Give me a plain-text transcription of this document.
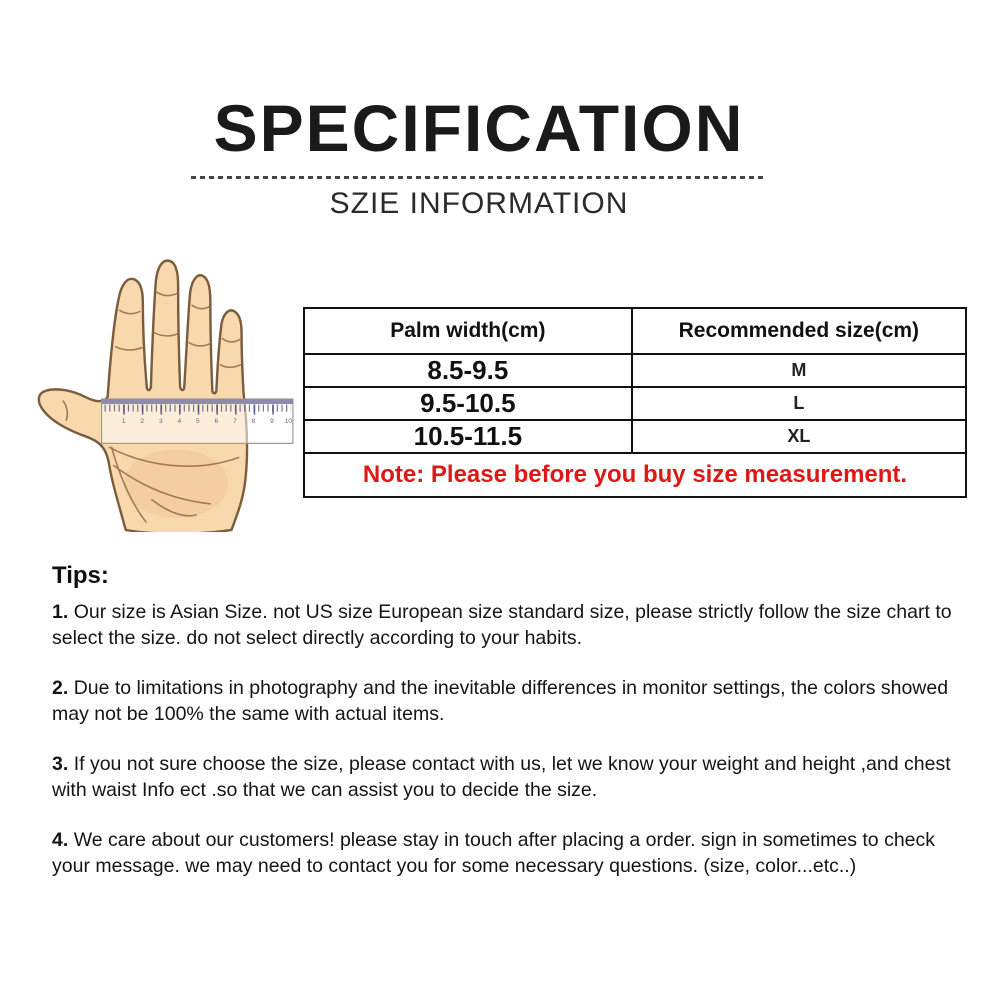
SPECIFICATION
SZIE INFORMATION
1 2 3 4 5 6 7 8 9 10
Palm width(cm)	Recommended size(cm)
8.5-9.5	M
9.5-10.5	L
10.5-11.5	XL
Note: Please before you buy size measurement.	
Tips:

1. Our size is Asian Size. not US size European size standard size, please strictly follow the size chart to select the size. do not select directly according to your habits.

2. Due to limitations in photography and the inevitable differences in monitor settings, the colors showed may not be 100% the same with actual items.

3. If you not sure choose the size, please contact with us, let we know your weight and height ,and chest with waist Info ect .so that we can assist you to decide the size.

4. We care about our customers! please stay in touch after placing a order. sign in sometimes to check your message. we may need to contact you for some necessary questions. (size, color...etc..)
